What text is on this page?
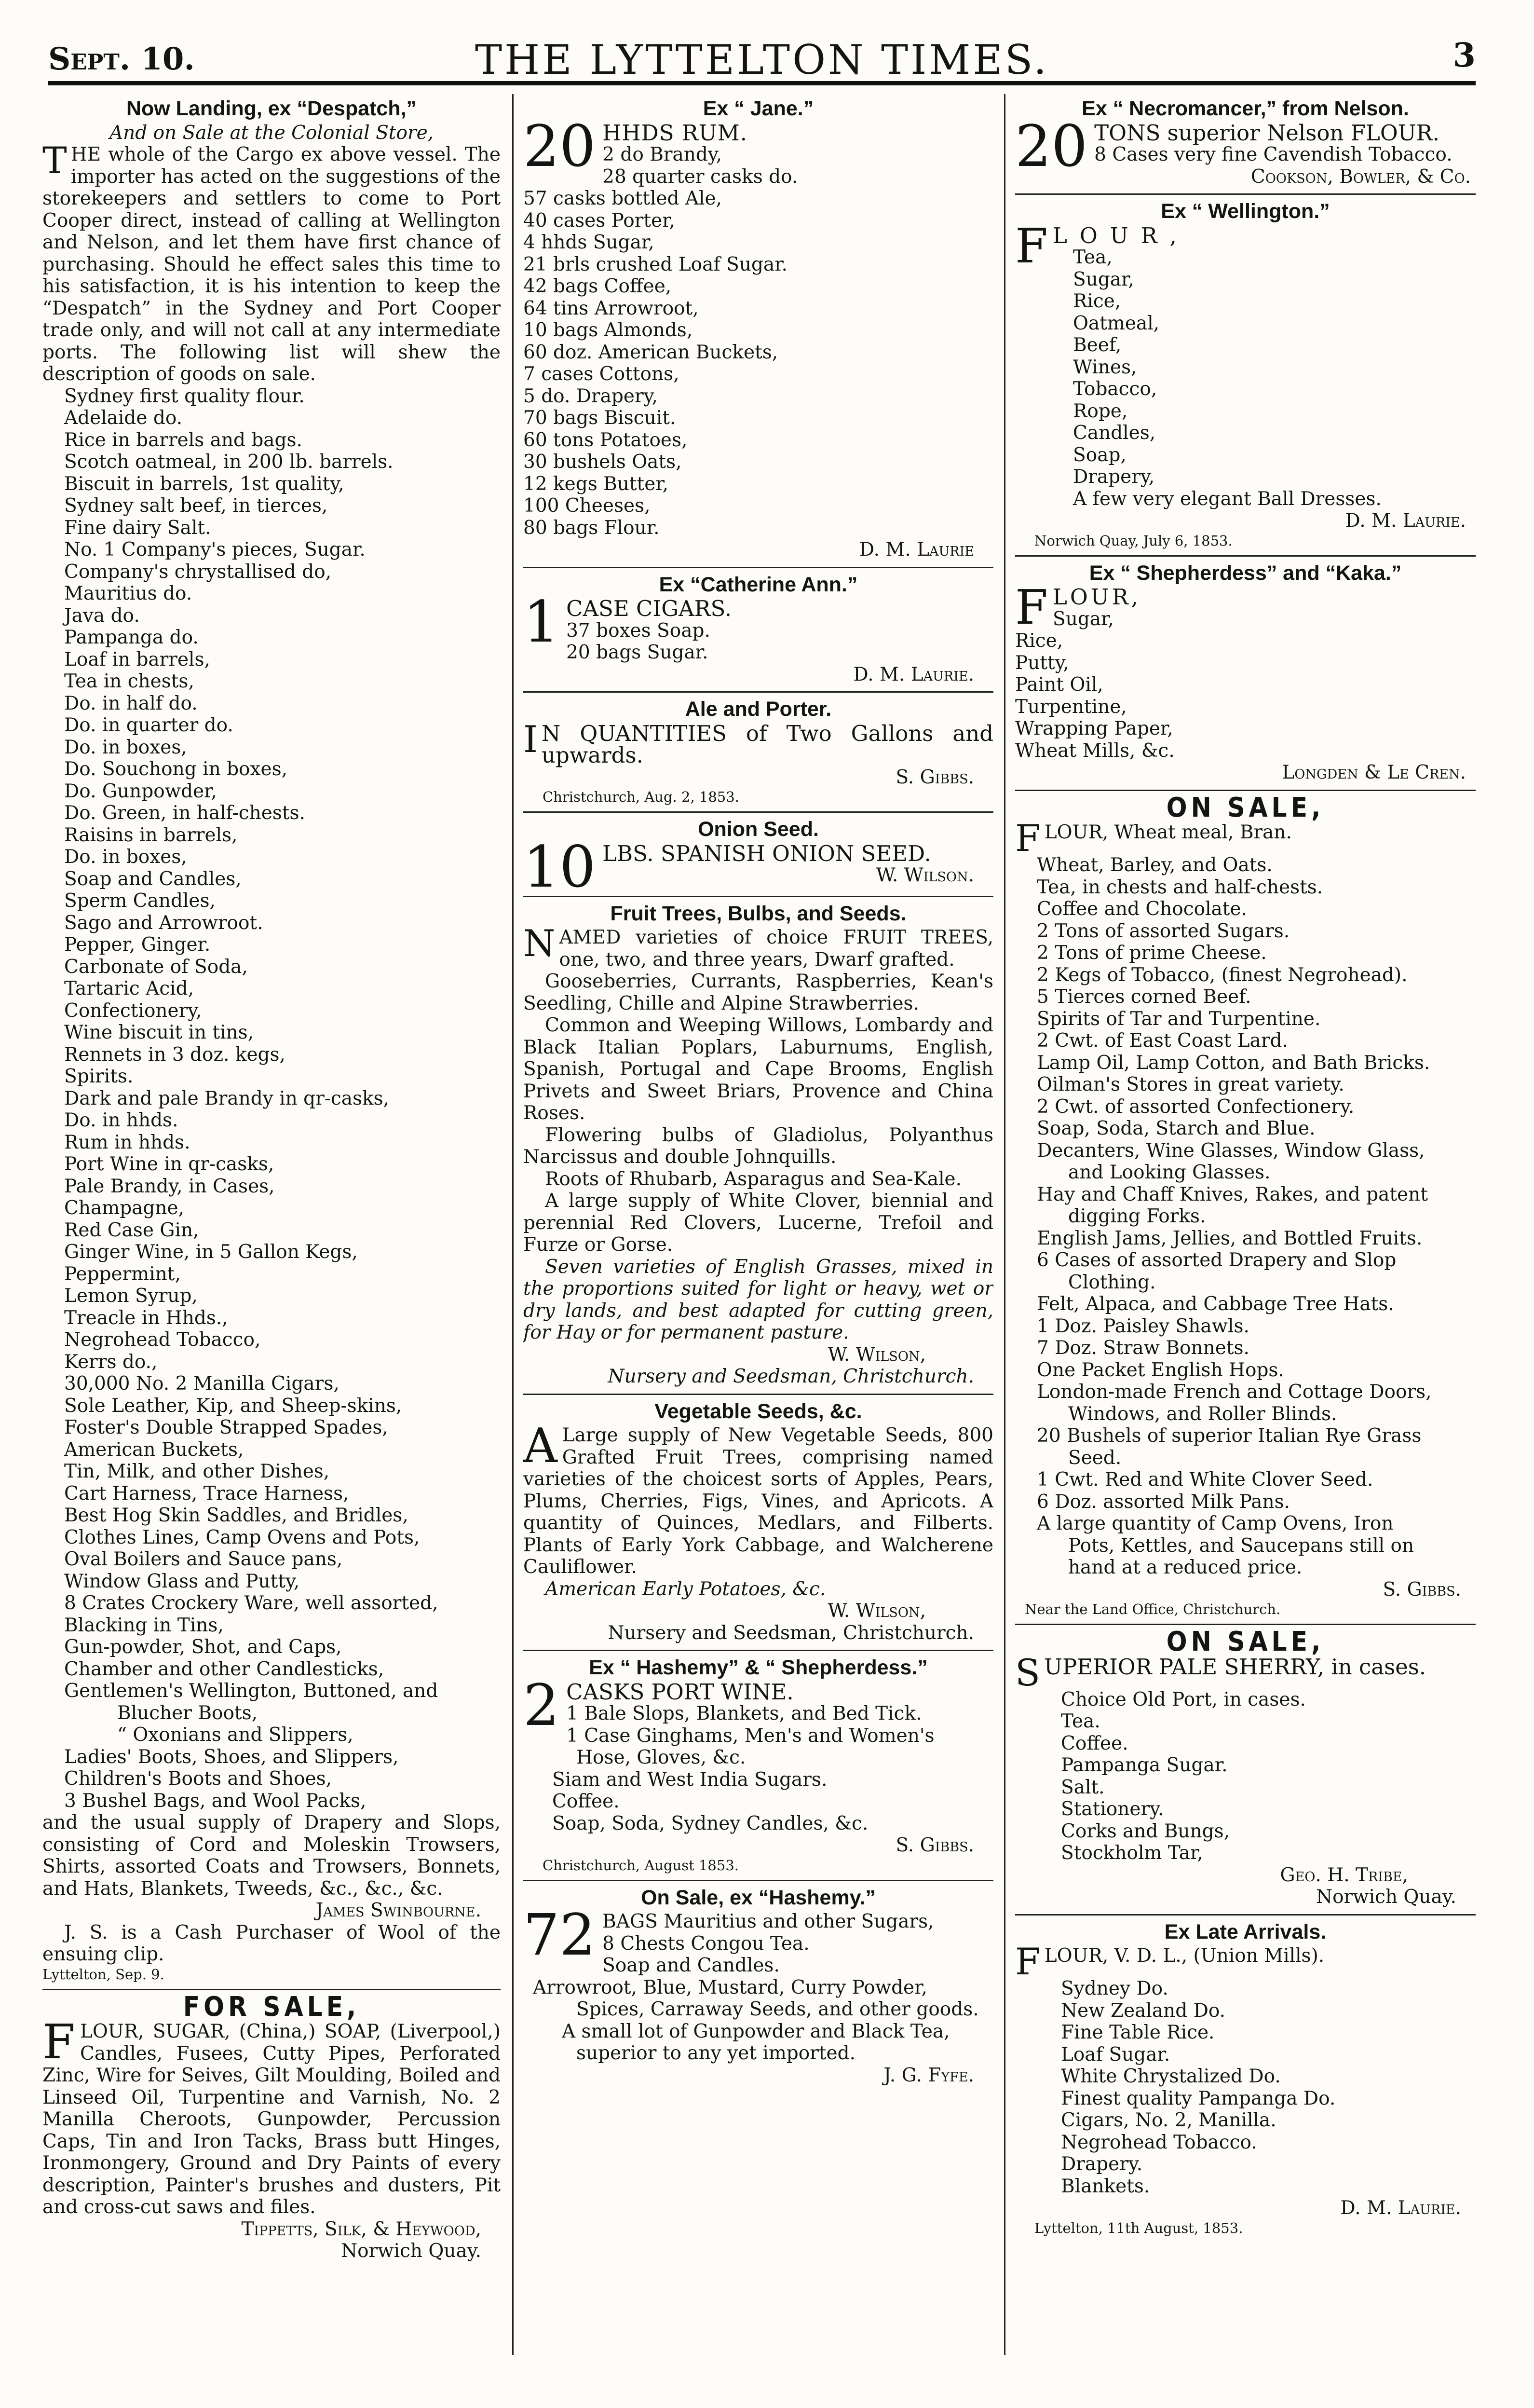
Sept. 10.	THE LYTTELTON TIMES.	3
Now Landing, ex “Despatch,”
And on Sale at the Colonial Store,
THE whole of the Cargo ex above vessel. The importer has acted on the suggestions of the storekeepers and settlers to come to Port Cooper direct, instead of calling at Wellington and Nelson, and let them have first chance of purchasing. Should he effect sales this time to his satisfaction, it is his intention to keep the “Despatch” in the Sydney and Port Cooper trade only, and will not call at any intermediate ports. The following list will shew the description of goods on sale.
Sydney first quality flour.
Adelaide do.
Rice in barrels and bags.
Scotch oatmeal, in 200 lb. barrels.
Biscuit in barrels, 1st quality,
Sydney salt beef, in tierces,
Fine dairy Salt.
No. 1 Company's pieces, Sugar.
Company's chrystallised do,
Mauritius do.
Java do.
Pampanga do.
Loaf in barrels,
Tea in chests,
Do. in half do.
Do. in quarter do.
Do. in boxes,
Do. Souchong in boxes,
Do. Gunpowder,
Do. Green, in half-chests.
Raisins in barrels,
Do. in boxes,
Soap and Candles,
Sperm Candles,
Sago and Arrowroot.
Pepper, Ginger.
Carbonate of Soda,
Tartaric Acid,
Confectionery,
Wine biscuit in tins,
Rennets in 3 doz. kegs,
Spirits.
Dark and pale Brandy in qr-casks,
Do. in hhds.
Rum in hhds.
Port Wine in qr-casks,
Pale Brandy, in Cases,
Champagne,
Red Case Gin,
Ginger Wine, in 5 Gallon Kegs,
Peppermint,
Lemon Syrup,
Treacle in Hhds.,
Negrohead Tobacco,
Kerrs do.,
30,000 No. 2 Manilla Cigars,
Sole Leather, Kip, and Sheep-skins,
Foster's Double Strapped Spades,
American Buckets,
Tin, Milk, and other Dishes,
Cart Harness, Trace Harness,
Best Hog Skin Saddles, and Bridles,
Clothes Lines, Camp Ovens and Pots,
Oval Boilers and Sauce pans,
Window Glass and Putty,
8 Crates Crockery Ware, well assorted,
Blacking in Tins,
Gun-powder, Shot, and Caps,
Chamber and other Candlesticks,
Gentlemen's Wellington, Buttoned, and
Blucher Boots,
“ Oxonians and Slippers,
Ladies' Boots, Shoes, and Slippers,
Children's Boots and Shoes,
3 Bushel Bags, and Wool Packs,
and the usual supply of Drapery and Slops, consisting of Cord and Moleskin Trowsers, Shirts, assorted Coats and Trowsers, Bonnets, and Hats, Blankets, Tweeds, &c., &c., &c.
James Swinbourne.
J. S. is a Cash Purchaser of Wool of the ensuing clip.
Lyttelton, Sep. 9.
FOR SALE,
FLOUR, SUGAR, (China,) SOAP, (Liverpool,) Candles, Fusees, Cutty Pipes, Perforated Zinc, Wire for Seives, Gilt Moulding, Boiled and Linseed Oil, Turpentine and Varnish, No. 2 Manilla Cheroots, Gunpowder, Percussion Caps, Tin and Iron Tacks, Brass butt Hinges, Ironmongery, Ground and Dry Paints of every description, Painter's brushes and dusters, Pit and cross-cut saws and files.
Tippetts, Silk, & Heywood,
Norwich Quay.
Ex “ Jane.”
20 HHDS RUM.
2 do Brandy,
28 quarter casks do.
57 casks bottled Ale,
40 cases Porter,
4 hhds Sugar,
21 brls crushed Loaf Sugar.
42 bags Coffee,
64 tins Arrowroot,
10 bags Almonds,
60 doz. American Buckets,
7 cases Cottons,
5 do. Drapery,
70 bags Biscuit.
60 tons Potatoes,
30 bushels Oats,
12 kegs Butter,
100 Cheeses,
80 bags Flour.
D. M. Laurie
Ex “Catherine Ann.”
1 CASE CIGARS.
37 boxes Soap.
20 bags Sugar.
D. M. Laurie.
Ale and Porter.
I N QUANTITIES of Two Gallons and upwards.
S. Gibbs.
Christchurch, Aug. 2, 1853.
Onion Seed.
10 LBS. SPANISH ONION SEED.
W. Wilson.
Fruit Trees, Bulbs, and Seeds.
NAMED varieties of choice FRUIT TREES, one, two, and three years, Dwarf grafted.
Gooseberries, Currants, Raspberries, Kean's Seedling, Chille and Alpine Strawberries.
Common and Weeping Willows, Lombardy and Black Italian Poplars, Laburnums, English, Spanish, Portugal and Cape Brooms, English Privets and Sweet Briars, Provence and China Roses.
Flowering bulbs of Gladiolus, Polyanthus Narcissus and double Johnquills.
Roots of Rhubarb, Asparagus and Sea-Kale.
A large supply of White Clover, biennial and perennial Red Clovers, Lucerne, Trefoil and Furze or Gorse.
Seven varieties of English Grasses, mixed in the proportions suited for light or heavy, wet or dry lands, and best adapted for cutting green, for Hay or for permanent pasture.
W. Wilson,
Nursery and Seedsman, Christchurch.
Vegetable Seeds, &c.
A Large supply of New Vegetable Seeds, 800 Grafted Fruit Trees, comprising named varieties of the choicest sorts of Apples, Pears, Plums, Cherries, Figs, Vines, and Apricots. A quantity of Quinces, Medlars, and Filberts. Plants of Early York Cabbage, and Walcherene Cauliflower.
American Early Potatoes, &c.
W. Wilson,
Nursery and Seedsman, Christchurch.
Ex “ Hashemy” & “ Shepherdess.”
2 CASKS PORT WINE.
1 Bale Slops, Blankets, and Bed Tick.
1 Case Ginghams, Men's and Women's
Hose, Gloves, &c.
Siam and West India Sugars.
Coffee.
Soap, Soda, Sydney Candles, &c.
S. Gibbs.
Christchurch, August 1853.
On Sale, ex “Hashemy.”
72 BAGS Mauritius and other Sugars,
8 Chests Congou Tea.
Soap and Candles.
Arrowroot, Blue, Mustard, Curry Powder,
Spices, Carraway Seeds, and other goods.
A small lot of Gunpowder and Black Tea,
superior to any yet imported.
J. G. Fyfe.
Ex “ Necromancer,” from Nelson.
20 TONS superior Nelson FLOUR.
8 Cases very fine Cavendish Tobacco.
Cookson, Bowler, & Co.
Ex “ Wellington.”
F LOUR,
Tea,
Sugar,
Rice,
Oatmeal,
Beef,
Wines,
Tobacco,
Rope,
Candles,
Soap,
Drapery,
A few very elegant Ball Dresses.
D. M. Laurie.
Norwich Quay, July 6, 1853.
Ex “ Shepherdess” and “Kaka.”
F LOUR,
Sugar,
Rice,
Putty,
Paint Oil,
Turpentine,
Wrapping Paper,
Wheat Mills, &c.
Longden & Le Cren.
ON SALE,
F LOUR, Wheat meal, Bran.
Wheat, Barley, and Oats.
Tea, in chests and half-chests.
Coffee and Chocolate.
2 Tons of assorted Sugars.
2 Tons of prime Cheese.
2 Kegs of Tobacco, (finest Negrohead).
5 Tierces corned Beef.
Spirits of Tar and Turpentine.
2 Cwt. of East Coast Lard.
Lamp Oil, Lamp Cotton, and Bath Bricks.
Oilman's Stores in great variety.
2 Cwt. of assorted Confectionery.
Soap, Soda, Starch and Blue.
Decanters, Wine Glasses, Window Glass,
and Looking Glasses.
Hay and Chaff Knives, Rakes, and patent
digging Forks.
English Jams, Jellies, and Bottled Fruits.
6 Cases of assorted Drapery and Slop
Clothing.
Felt, Alpaca, and Cabbage Tree Hats.
1 Doz. Paisley Shawls.
7 Doz. Straw Bonnets.
One Packet English Hops.
London-made French and Cottage Doors,
Windows, and Roller Blinds.
20 Bushels of superior Italian Rye Grass
Seed.
1 Cwt. Red and White Clover Seed.
6 Doz. assorted Milk Pans.
A large quantity of Camp Ovens, Iron
Pots, Kettles, and Saucepans still on
hand at a reduced price.
S. Gibbs.
Near the Land Office, Christchurch.
ON SALE,
S UPERIOR PALE SHERRY, in cases.
Choice Old Port, in cases.
Tea.
Coffee.
Pampanga Sugar.
Salt.
Stationery.
Corks and Bungs,
Stockholm Tar,
Geo. H. Tribe,
Norwich Quay.
Ex Late Arrivals.
F LOUR, V. D. L., (Union Mills).
Sydney Do.
New Zealand Do.
Fine Table Rice.
Loaf Sugar.
White Chrystalized Do.
Finest quality Pampanga Do.
Cigars, No. 2, Manilla.
Negrohead Tobacco.
Drapery.
Blankets.
D. M. Laurie.
Lyttelton, 11th August, 1853.
